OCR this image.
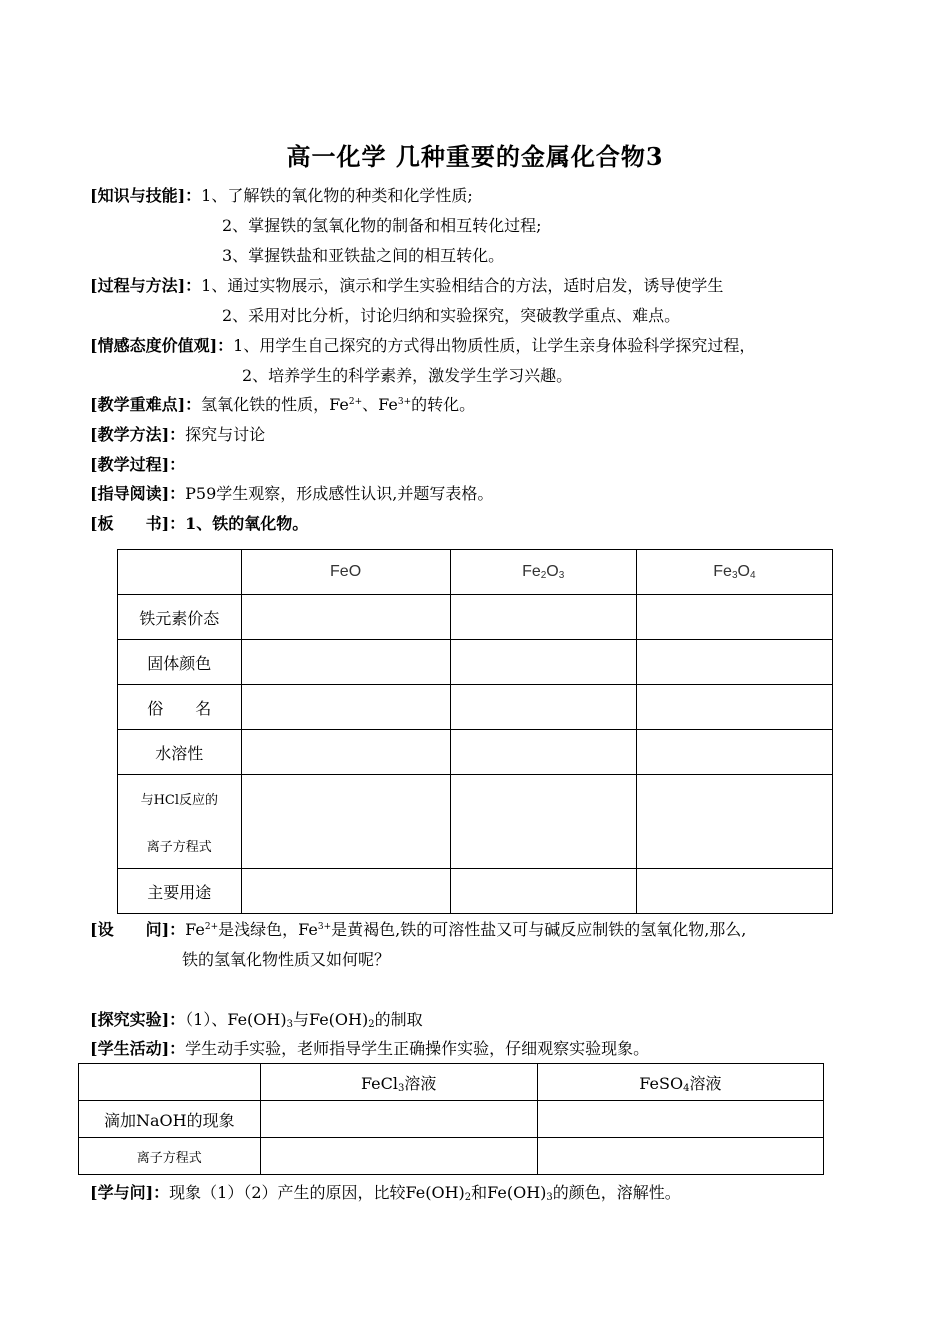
高一化学 几种重要的金属化合物3
[知识与技能]：1、了解铁的氧化物的种类和化学性质;
2、掌握铁的氢氧化物的制备和相互转化过程;
3、掌握铁盐和亚铁盐之间的相互转化。
[过程与方法]：1、通过实物展示，演示和学生实验相结合的方法，适时启发，诱导使学生
2、采用对比分析，讨论归纳和实验探究，突破教学重点、难点。
[情感态度价值观]：1、用学生自己探究的方式得出物质性质，让学生亲身体验科学探究过程，
2、培养学生的科学素养，激发学生学习兴趣。
[教学重难点]：氢氧化铁的性质，$Fe^{2+}$、$Fe^{3+}$的转化。
[教学方法]：探究与讨论
[教学过程]：
[指导阅读]：P59学生观察，形成感性认识,并题写表格。
[板　　书]：1、铁的氧化物。
	FeO	$Fe_2O_3$	$Fe_3O_4$
铁元素价态			
固体颜色			
俗　　名			
水溶性			

与HCl反应的
离子方程式			

主要用途			
[设　　问]：$Fe^{2+}$是浅绿色，$Fe^{3+}$是黄褐色,铁的可溶性盐又可与碱反应制铁的氢氧化物,那么,
铁的氢氧化物性质又如何呢？
[探究实验]：（1）、$Fe(OH)_3$与$Fe(OH)_2$的制取
[学生活动]：学生动手实验，老师指导学生正确操作实验，仔细观察实验现象。
	FeCl$_3$溶液	FeSO$_4$溶液
滴加NaOH的现象		
离子方程式		
[学与问]：现象（1）（2）产生的原因，比较$Fe(OH)_2$和$Fe(OH)_3$的颜色，溶解性。
